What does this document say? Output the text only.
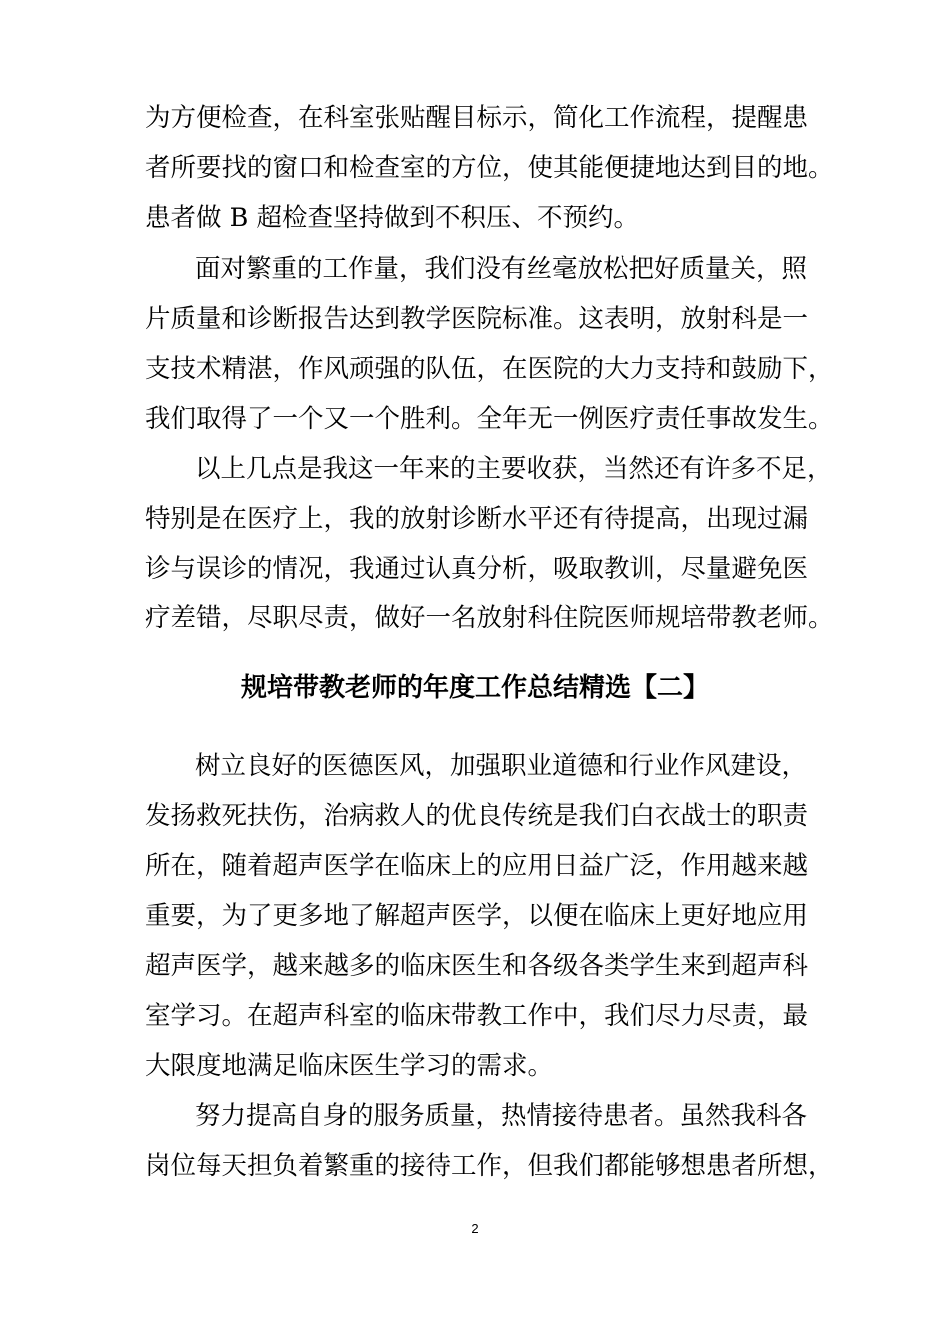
为方便检查，在科室张贴醒目标示，简化工作流程，提醒患
者所要找的窗口和检查室的方位，使其能便捷地达到目的地。
患者做 B 超检查坚持做到不积压、不预约。
面对繁重的工作量，我们没有丝毫放松把好质量关，照
片质量和诊断报告达到教学医院标准。这表明，放射科是一
支技术精湛，作风顽强的队伍，在医院的大力支持和鼓励下，
我们取得了一个又一个胜利。全年无一例医疗责任事故发生。
以上几点是我这一年来的主要收获，当然还有许多不足，
特别是在医疗上，我的放射诊断水平还有待提高，出现过漏
诊与误诊的情况，我通过认真分析，吸取教训，尽量避免医
疗差错，尽职尽责，做好一名放射科住院医师规培带教老师。
规培带教老师的年度工作总结精选【二】
树立良好的医德医风，加强职业道德和行业作风建设，
发扬救死扶伤，治病救人的优良传统是我们白衣战士的职责
所在，随着超声医学在临床上的应用日益广泛，作用越来越
重要，为了更多地了解超声医学，以便在临床上更好地应用
超声医学，越来越多的临床医生和各级各类学生来到超声科
室学习。在超声科室的临床带教工作中，我们尽力尽责，最
大限度地满足临床医生学习的需求。
努力提高自身的服务质量，热情接待患者。虽然我科各
岗位每天担负着繁重的接待工作，但我们都能够想患者所想，
2
